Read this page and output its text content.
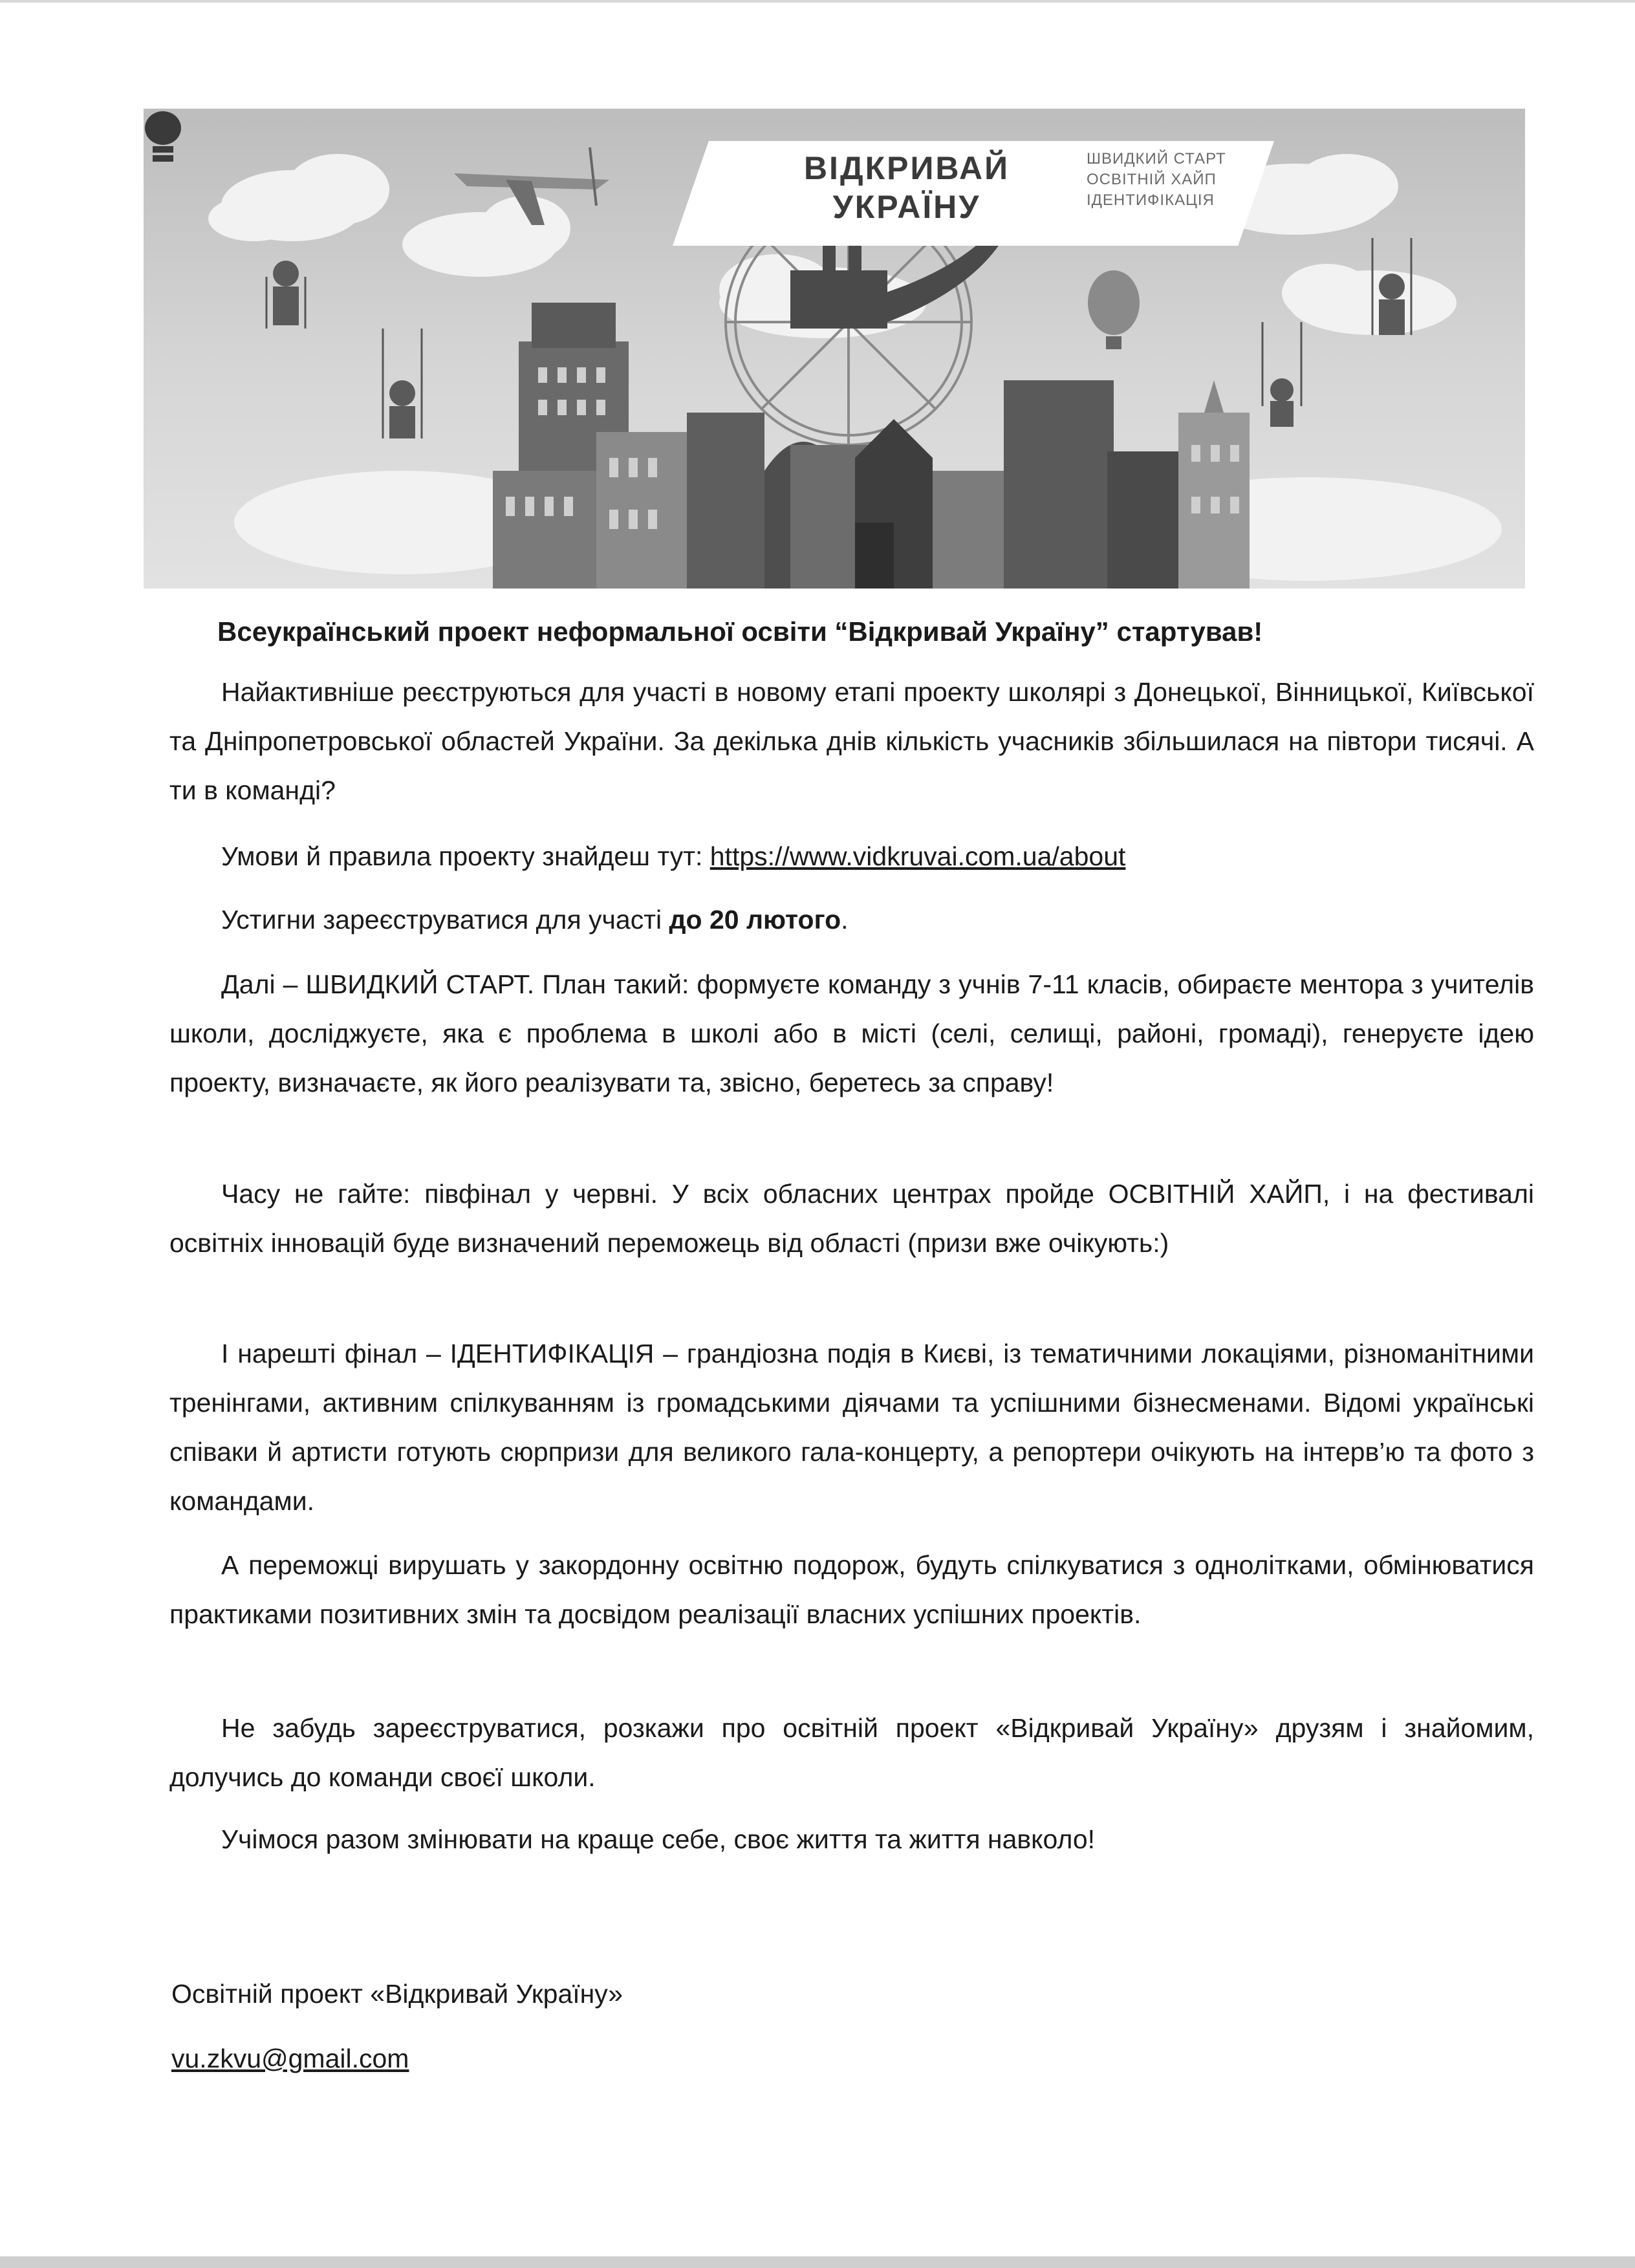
ВІДКРИВАЙ
УКРАЇНУ
ШВИДКИЙ СТАРТ
ОСВІТНІЙ ХАЙП
ІДЕНТИФІКАЦІЯ
Всеукраїнський проект неформальної освіти “Відкривай Україну” стартував!

Найактивніше реєструються для участі в новому етапі проекту школярі з Донецької, Вінницької, Київської та Дніпропетровської областей України. За декілька днів кількість учасників збільшилася на півтори тисячі. А ти в команді?

Умови й правила проекту знайдеш тут: https://www.vidkruvai.com.ua/about

Устигни зареєструватися для участі до 20 лютого.

Далі – ШВИДКИЙ СТАРТ. План такий: формуєте команду з учнів 7-11 класів, обираєте ментора з учителів школи, досліджуєте, яка є проблема в школі або в місті (селі, селищі, районі, громаді), генеруєте ідею проекту, визначаєте, як його реалізувати та, звісно, беретесь за справу!

Часу не гайте: півфінал у червні. У всіх обласних центрах пройде ОСВІТНІЙ ХАЙП, і на фестивалі освітніх інновацій буде визначений переможець від області (призи вже очікують:)

І нарешті фінал – ІДЕНТИФІКАЦІЯ – грандіозна подія в Києві, із тематичними локаціями, різноманітними тренінгами, активним спілкуванням із громадськими діячами та успішними бізнесменами. Відомі українські співаки й артисти готують сюрпризи для великого гала-концерту, а репортери очікують на інтерв’ю та фото з командами.

А переможці вирушать у закордонну освітню подорож, будуть спілкуватися з однолітками, обмінюватися практиками позитивних змін та досвідом реалізації власних успішних проектів.

Не забудь зареєструватися, розкажи про освітній проект «Відкривай Україну» друзям і знайомим, долучись до команди своєї школи.

Учімося разом змінювати на краще себе, своє життя та життя навколо!

Освітній проект «Відкривай Україну»
vu.zkvu@gmail.com
